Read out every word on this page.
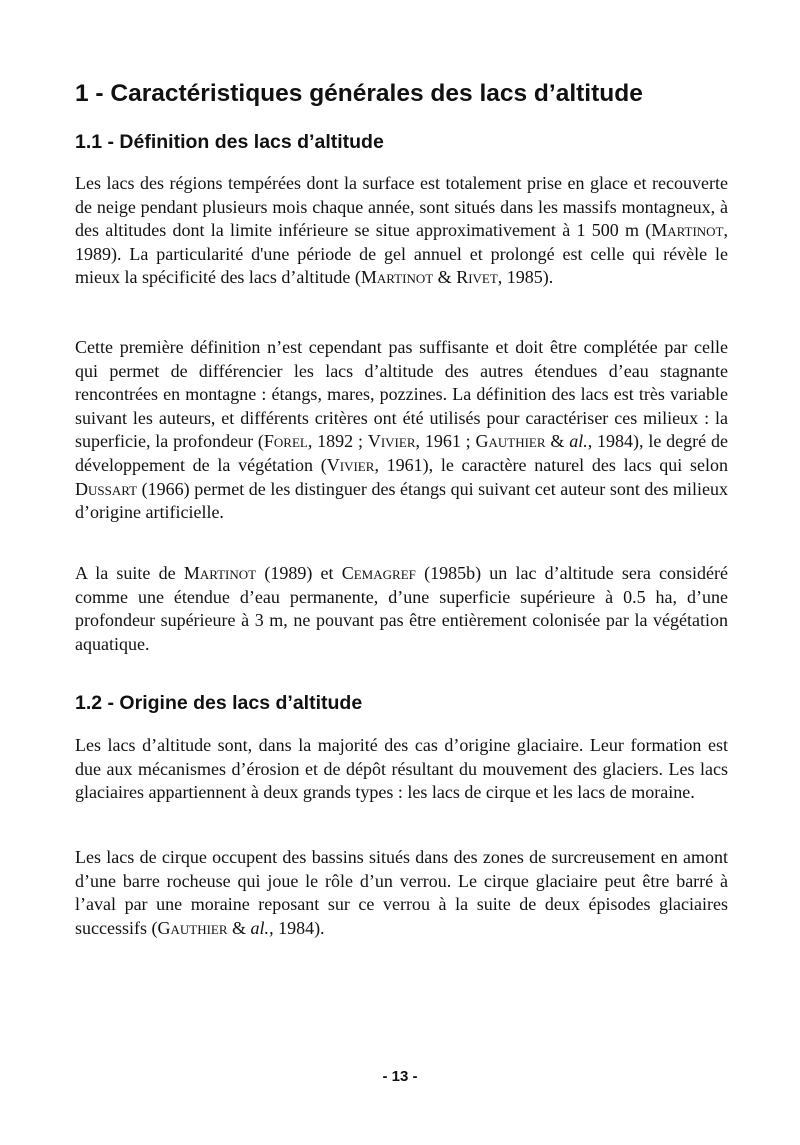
1 - Caractéristiques générales des lacs d’altitude
1.1 - Définition des lacs d’altitude

Les lacs des régions tempérées dont la surface est totalement prise en glace et recouverte de neige pendant plusieurs mois chaque année, sont situés dans les massifs montagneux, à des altitudes dont la limite inférieure se situe approximativement à 1 500 m (Martinot, 1989). La particularité d'une période de gel annuel et prolongé est celle qui révèle le mieux la spécificité des lacs d’altitude (Martinot & Rivet, 1985).

Cette première définition n’est cependant pas suffisante et doit être complétée par celle qui permet de différencier les lacs d’altitude des autres étendues d’eau stagnante rencontrées en montagne : étangs, mares, pozzines. La définition des lacs est très variable suivant les auteurs, et différents critères ont été utilisés pour caractériser ces milieux : la superficie, la profondeur (Forel, 1892 ; Vivier, 1961 ; Gauthier & al., 1984), le degré de développement de la végétation (Vivier, 1961), le caractère naturel des lacs qui selon Dussart (1966) permet de les distinguer des étangs qui suivant cet auteur sont des milieux d’origine artificielle.

A la suite de Martinot (1989) et Cemagref (1985b) un lac d’altitude sera considéré comme une étendue d’eau permanente, d’une superficie supérieure à 0.5 ha, d’une profondeur supérieure à 3 m, ne pouvant pas être entièrement colonisée par la végétation aquatique.

1.2 - Origine des lacs d’altitude

Les lacs d’altitude sont, dans la majorité des cas d’origine glaciaire. Leur formation est due aux mécanismes d’érosion et de dépôt résultant du mouvement des glaciers. Les lacs glaciaires appartiennent à deux grands types : les lacs de cirque et les lacs de moraine.

Les lacs de cirque occupent des bassins situés dans des zones de surcreusement en amont d’une barre rocheuse qui joue le rôle d’un verrou. Le cirque glaciaire peut être barré à l’aval par une moraine reposant sur ce verrou à la suite de deux épisodes glaciaires successifs (Gauthier & al., 1984).

- 13 -
